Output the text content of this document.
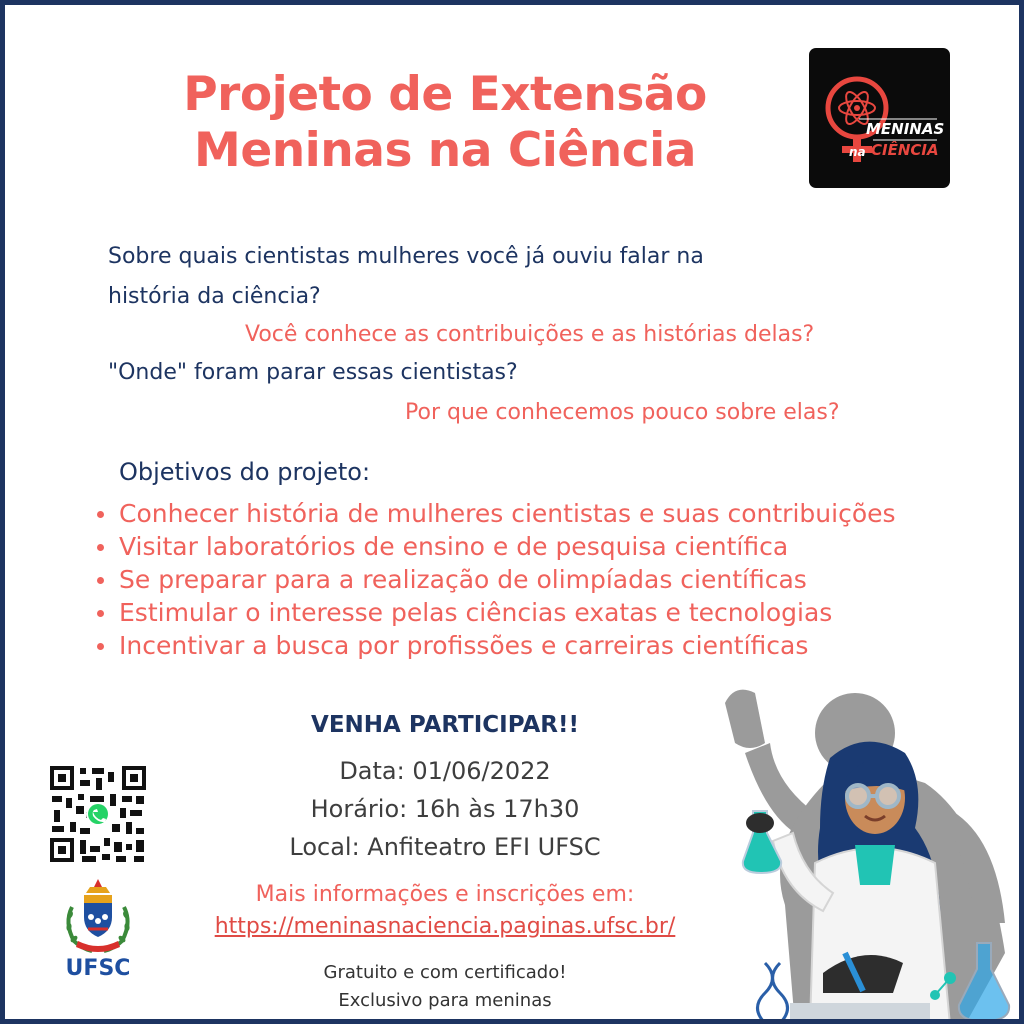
Projeto de Extensão
Meninas na Ciência	MENINAS
na CIÊNCIA
Sobre quais cientistas mulheres você já ouviu falar na
história da ciência?
Você conhece as contribuições e as histórias delas?
"Onde" foram parar essas cientistas?
Por que conhecemos pouco sobre elas?
Objetivos do projeto:
Conhecer história de mulheres cientistas e suas contribuições
Visitar laboratórios de ensino e de pesquisa científica
Se preparar para a realização de olimpíadas científicas
Estimular o interesse pelas ciências exatas e tecnologias
Incentivar a busca por profissões e carreiras científicas
VENHA PARTICIPAR!!
Data: 01/06/2022
Horário: 16h às 17h30
Local: Anfiteatro EFI UFSC
Mais informações e inscrições em:
https://meninasnaciencia.paginas.ufsc.br/
Gratuito e com certificado!
Exclusivo para meninas
UFSC
